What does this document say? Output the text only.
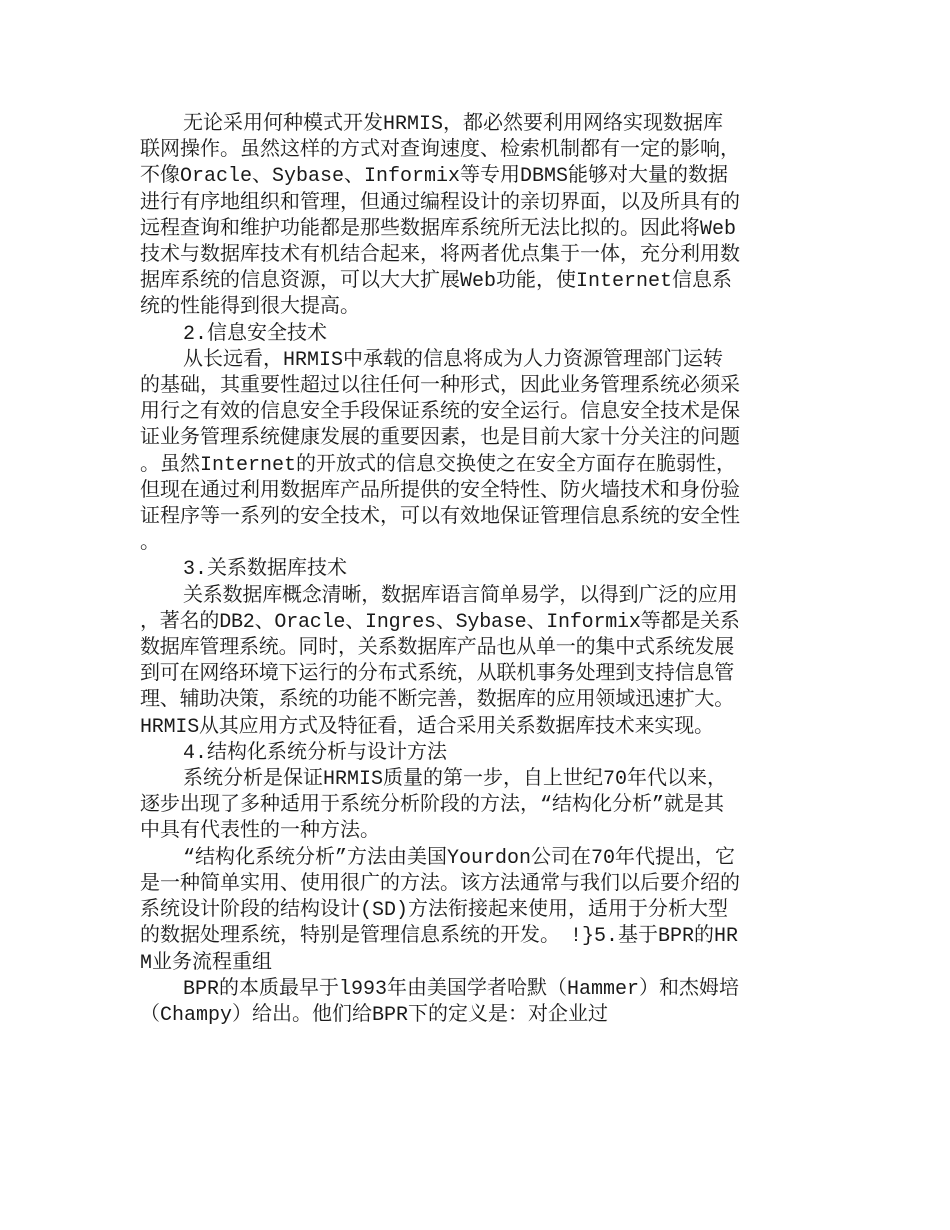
无论采用何种模式开发HRMIS，都必然要利用网络实现数据库联网操作。虽然这样的方式对查询速度、检索机制都有一定的影响，不像Oracle、Sybase、Informix等专用DBMS能够对大量的数据进行有序地组织和管理，但通过编程设计的亲切界面，以及所具有的远程查询和维护功能都是那些数据库系统所无法比拟的。因此将Web技术与数据库技术有机结合起来，将两者优点集于一体，充分利用数据库系统的信息资源，可以大大扩展Web功能，使Internet信息系统的性能得到很大提高。

2.信息安全技术

从长远看，HRMIS中承载的信息将成为人力资源管理部门运转的基础，其重要性超过以往任何一种形式，因此业务管理系统必须采用行之有效的信息安全手段保证系统的安全运行。信息安全技术是保证业务管理系统健康发展的重要因素，也是目前大家十分关注的问题。虽然Internet的开放式的信息交换使之在安全方面存在脆弱性，但现在通过利用数据库产品所提供的安全特性、防火墙技术和身份验证程序等一系列的安全技术，可以有效地保证管理信息系统的安全性。

3.关系数据库技术

关系数据库概念清晰，数据库语言简单易学，以得到广泛的应用，著名的DB2、Oracle、Ingres、Sybase、Informix等都是关系数据库管理系统。同时，关系数据库产品也从单一的集中式系统发展到可在网络环境下运行的分布式系统，从联机事务处理到支持信息管理、辅助决策，系统的功能不断完善，数据库的应用领域迅速扩大。HRMIS从其应用方式及特征看，适合采用关系数据库技术来实现。

4.结构化系统分析与设计方法

系统分析是保证HRMIS质量的第一步，自上世纪70年代以来，逐步出现了多种适用于系统分析阶段的方法，“结构化分析”就是其中具有代表性的一种方法。

“结构化系统分析”方法由美国Yourdon公司在70年代提出，它是一种简单实用、使用很广的方法。该方法通常与我们以后要介绍的系统设计阶段的结构设计(SD)方法衔接起来使用，适用于分析大型的数据处理系统，特别是管理信息系统的开发。　!}5.基于BPR的HRM业务流程重组

BPR的本质最早于l993年由美国学者哈默（Hammer）和杰姆培（Champy）给出。他们给BPR下的定义是：对企业过
